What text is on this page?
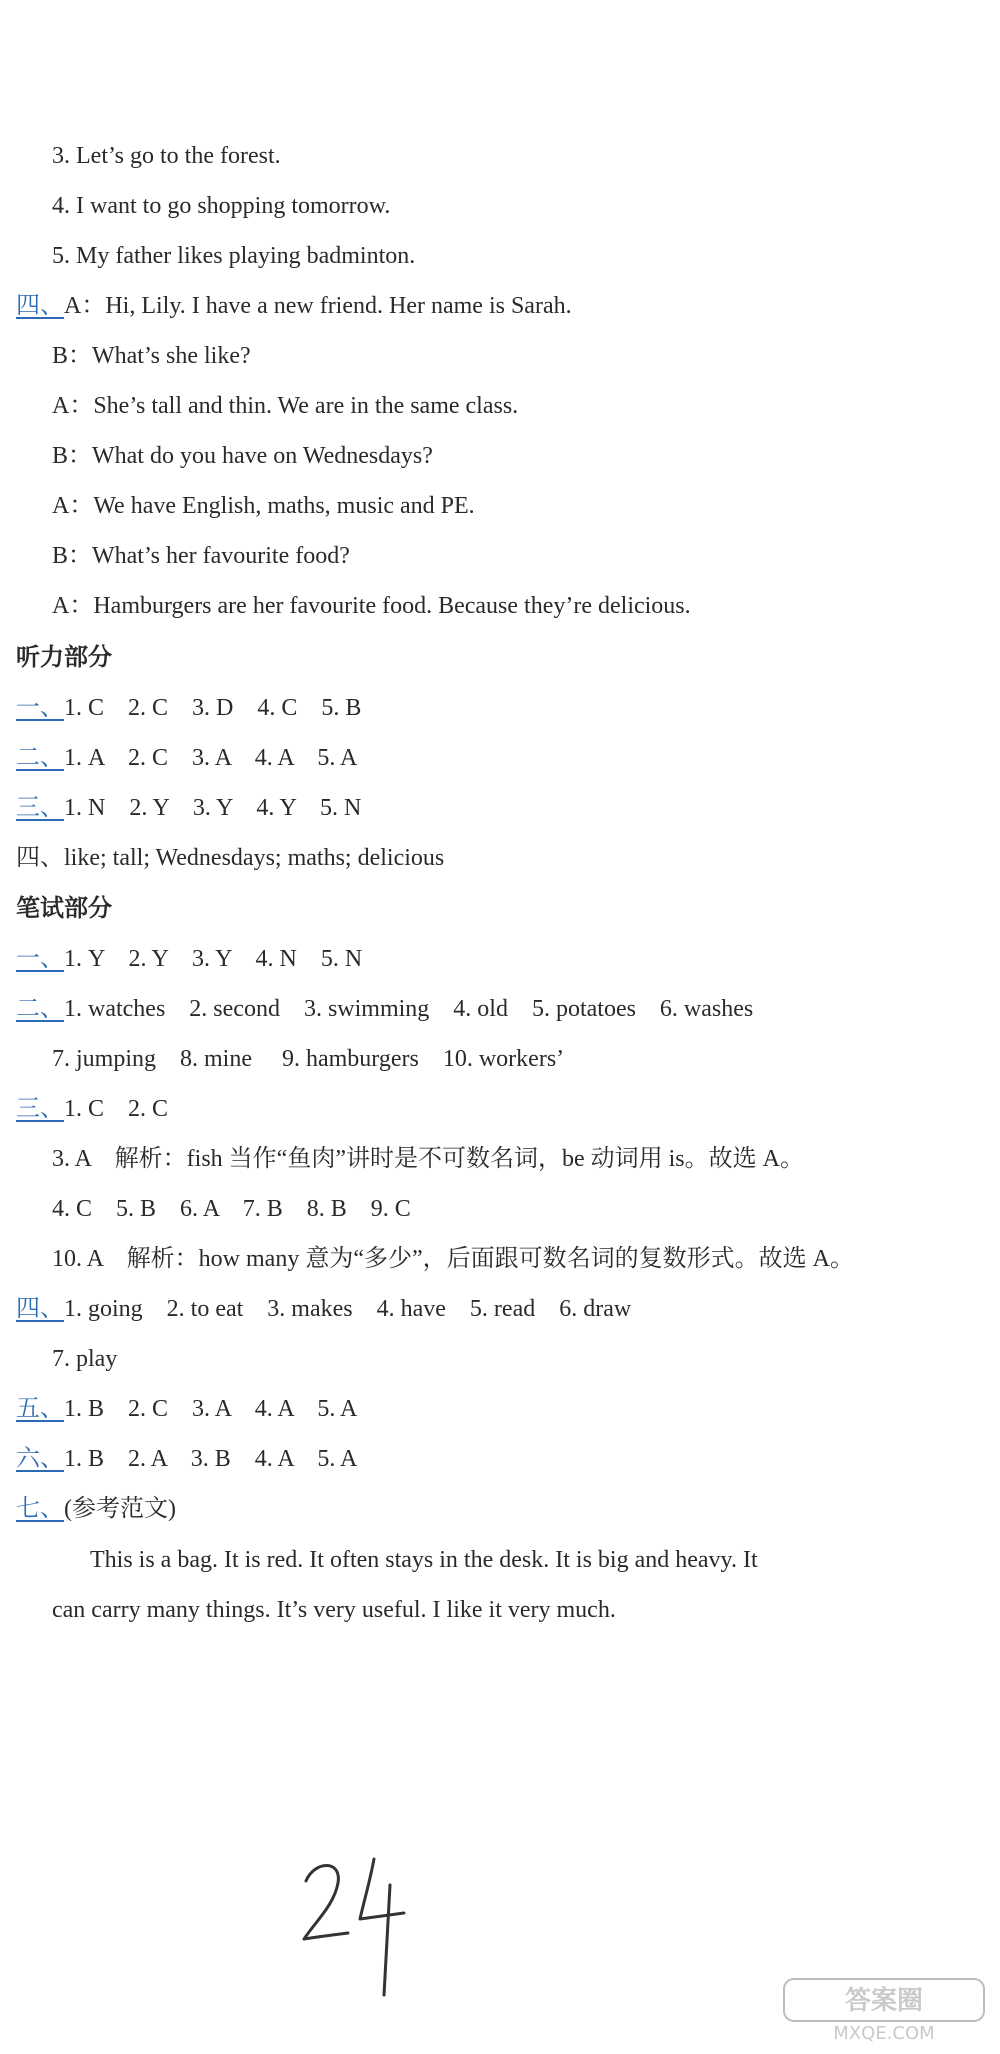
3. Let’s go to the forest.
4. I want to go shopping tomorrow.
5. My father likes playing badminton.
四、A：Hi, Lily. I have a new friend. Her name is Sarah.
B：What’s she like?
A：She’s tall and thin. We are in the same class.
B：What do you have on Wednesdays?
A：We have English, maths, music and PE.
B：What’s her favourite food?
A：Hamburgers are her favourite food. Because they’re delicious.
听力部分
一、1. C　2. C　3. D　4. C　5. B
二、1. A　2. C　3. A　4. A　5. A
三、1. N　2. Y　3. Y　4. Y　5. N
四、like; tall; Wednesdays; maths; delicious
笔试部分
一、1. Y　2. Y　3. Y　4. N　5. N
二、1. watches　2. second　3. swimming　4. old　5. potatoes　6. washes
7. jumping　8. mine　 9. hamburgers　10. workers’
三、1. C　2. C
3. A　解析：fish 当作“鱼肉”讲时是不可数名词，be 动词用 is。故选 A。
4. C　5. B　6. A　7. B　8. B　9. C
10. A　解析：how many 意为“多少”，后面跟可数名词的复数形式。故选 A。
四、1. going　2. to eat　3. makes　4. have　5. read　6. draw
7. play
五、1. B　2. C　3. A　4. A　5. A
六、1. B　2. A　3. B　4. A　5. A
七、(参考范文)
This is a bag. It is red. It often stays in the desk. It is big and heavy. It
can carry many things. It’s very useful. I like it very much.
答案圈
MXQE.COM
